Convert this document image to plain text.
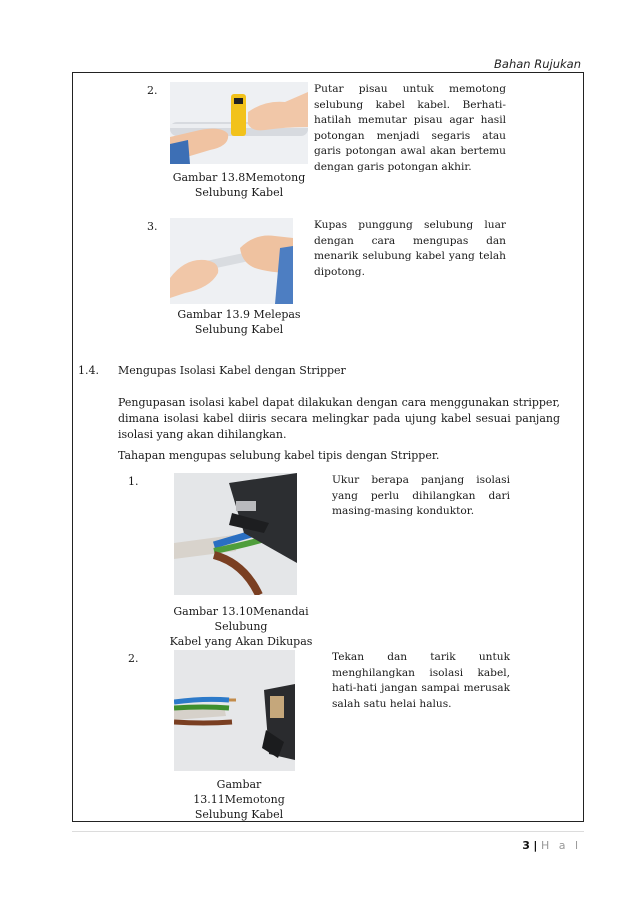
Bahan Rujukan
2.
Gambar 13.8Memotong
Selubung Kabel
Putar pisau untuk memotong selubung kabel kabel. Berhati-hatilah memutar pisau agar hasil potongan menjadi segaris atau garis potongan awal akan bertemu dengan garis potongan akhir.
3.
Gambar 13.9 Melepas
Selubung Kabel
Kupas punggung selubung luar dengan cara mengupas dan menarik selubung kabel yang telah dipotong.
1.4. Mengupas Isolasi Kabel dengan Stripper
Pengupasan isolasi kabel dapat dilakukan dengan cara menggunakan stripper, dimana isolasi kabel diiris secara melingkar pada ujung kabel sesuai panjang isolasi yang akan dihilangkan.
Tahapan mengupas selubung kabel tipis dengan Stripper.
1.
Gambar 13.10Menandai Selubung
Kabel yang Akan Dikupas
Ukur berapa panjang isolasi yang perlu dihilangkan dari masing-masing konduktor.
2.
Gambar 13.11Memotong
Selubung Kabel
Tekan dan tarik untuk menghilangkan isolasi kabel, hati-hati jangan sampai merusak salah satu helai halus.
3 | H a l
